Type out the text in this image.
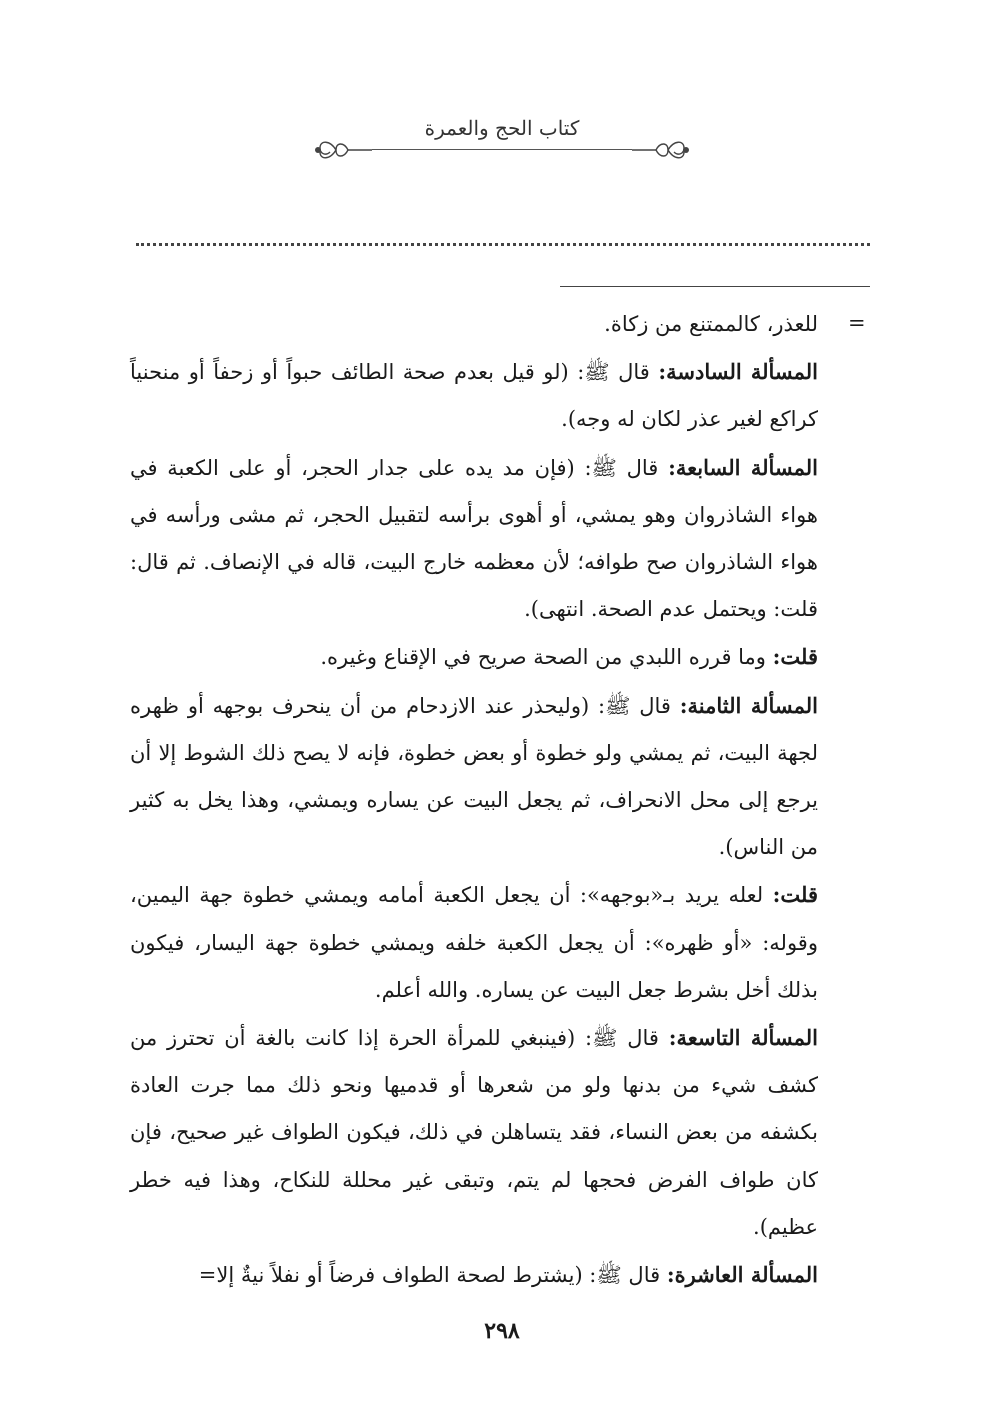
كتاب الحج والعمرة
=

للعذر، كالممتنع من زكاة.

المسألة السادسة: قال ﷺ: (لو قيل بعدم صحة الطائف حبواً أو زحفاً أو منحنياً كراكع لغير عذر لكان له وجه).

المسألة السابعة: قال ﷺ: (فإن مد يده على جدار الحجر، أو على الكعبة في هواء الشاذروان وهو يمشي، أو أهوى برأسه لتقبيل الحجر، ثم مشى ورأسه في هواء الشاذروان صح طوافه؛ لأن معظمه خارج البيت، قاله في الإنصاف. ثم قال: قلت: ويحتمل عدم الصحة. انتهى).

قلت: وما قرره اللبدي من الصحة صريح في الإقناع وغيره.

المسألة الثامنة: قال ﷺ: (وليحذر عند الازدحام من أن ينحرف بوجهه أو ظهره لجهة البيت، ثم يمشي ولو خطوة أو بعض خطوة، فإنه لا يصح ذلك الشوط إلا أن يرجع إلى محل الانحراف، ثم يجعل البيت عن يساره ويمشي، وهذا يخل به كثير من الناس).

قلت: لعله يريد بـ«بوجهه»: أن يجعل الكعبة أمامه ويمشي خطوة جهة اليمين، وقوله: «أو ظهره»: أن يجعل الكعبة خلفه ويمشي خطوة جهة اليسار، فيكون بذلك أخل بشرط جعل البيت عن يساره. والله أعلم.

المسألة التاسعة: قال ﷺ: (فينبغي للمرأة الحرة إذا كانت بالغة أن تحترز من كشف شيء من بدنها ولو من شعرها أو قدميها ونحو ذلك مما جرت العادة بكشفه من بعض النساء، فقد يتساهلن في ذلك، فيكون الطواف غير صحيح، فإن كان طواف الفرض فحجها لم يتم، وتبقى غير محللة للنكاح، وهذا فيه خطر عظيم).

المسألة العاشرة: قال ﷺ: (يشترط لصحة الطواف فرضاً أو نفلاً نيةٌ إلا=

٢٩٨
